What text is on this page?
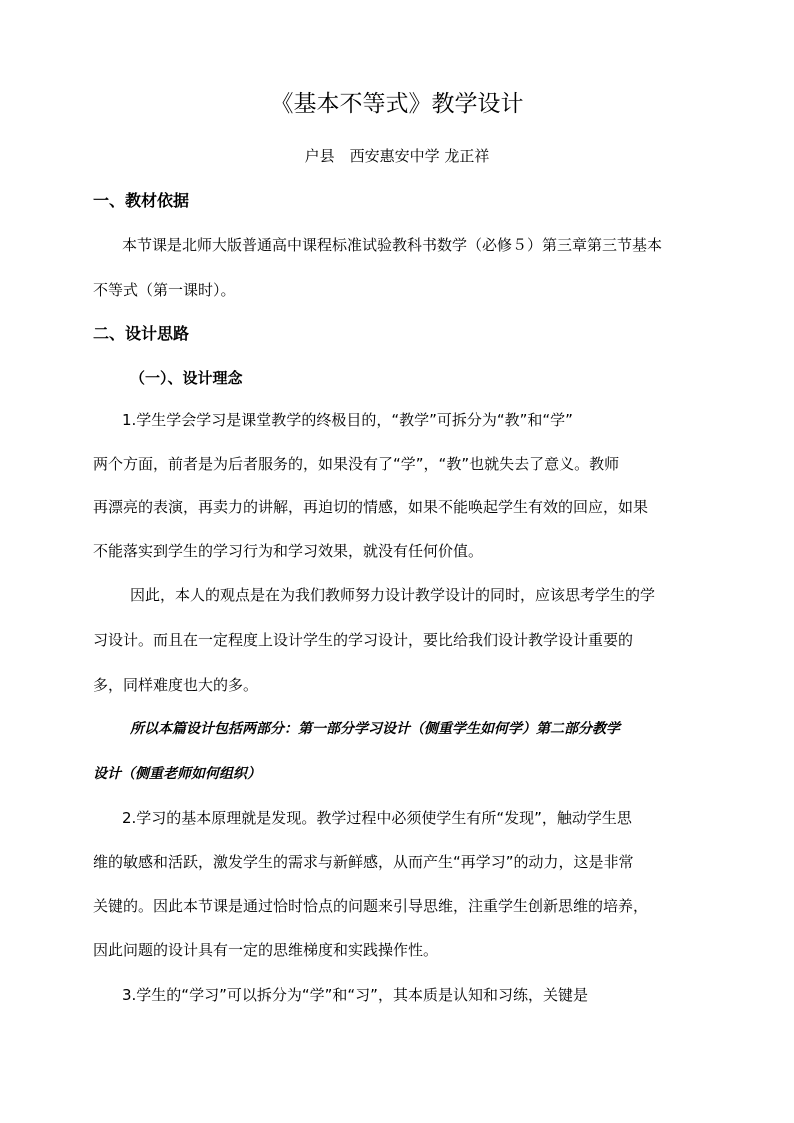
《基本不等式》教学设计
户县　西安惠安中学 龙正祥
一、教材依据
本节课是北师大版普通高中课程标准试验教科书数学（必修５）第三章第三节基本
不等式（第一课时）。
二、设计思路
（一）、设计理念
1.学生学会学习是课堂教学的终极目的，“教学”可拆分为“教”和“学”
两个方面，前者是为后者服务的，如果没有了“学”，“教”也就失去了意义。教师
再漂亮的表演，再卖力的讲解，再迫切的情感，如果不能唤起学生有效的回应，如果
不能落实到学生的学习行为和学习效果，就没有任何价值。
因此，本人的观点是在为我们教师努力设计教学设计的同时，应该思考学生的学
习设计。而且在一定程度上设计学生的学习设计，要比给我们设计教学设计重要的
多，同样难度也大的多。
所以本篇设计包括两部分：第一部分学习设计（侧重学生如何学）第二部分教学
设计（侧重老师如何组织）
2.学习的基本原理就是发现。教学过程中必须使学生有所“发现”，触动学生思
维的敏感和活跃，激发学生的需求与新鲜感，从而产生“再学习”的动力，这是非常
关键的。因此本节课是通过恰时恰点的问题来引导思维，注重学生创新思维的培养，
因此问题的设计具有一定的思维梯度和实践操作性。
3.学生的“学习”可以拆分为“学”和“习”，其本质是认知和习练，关键是
